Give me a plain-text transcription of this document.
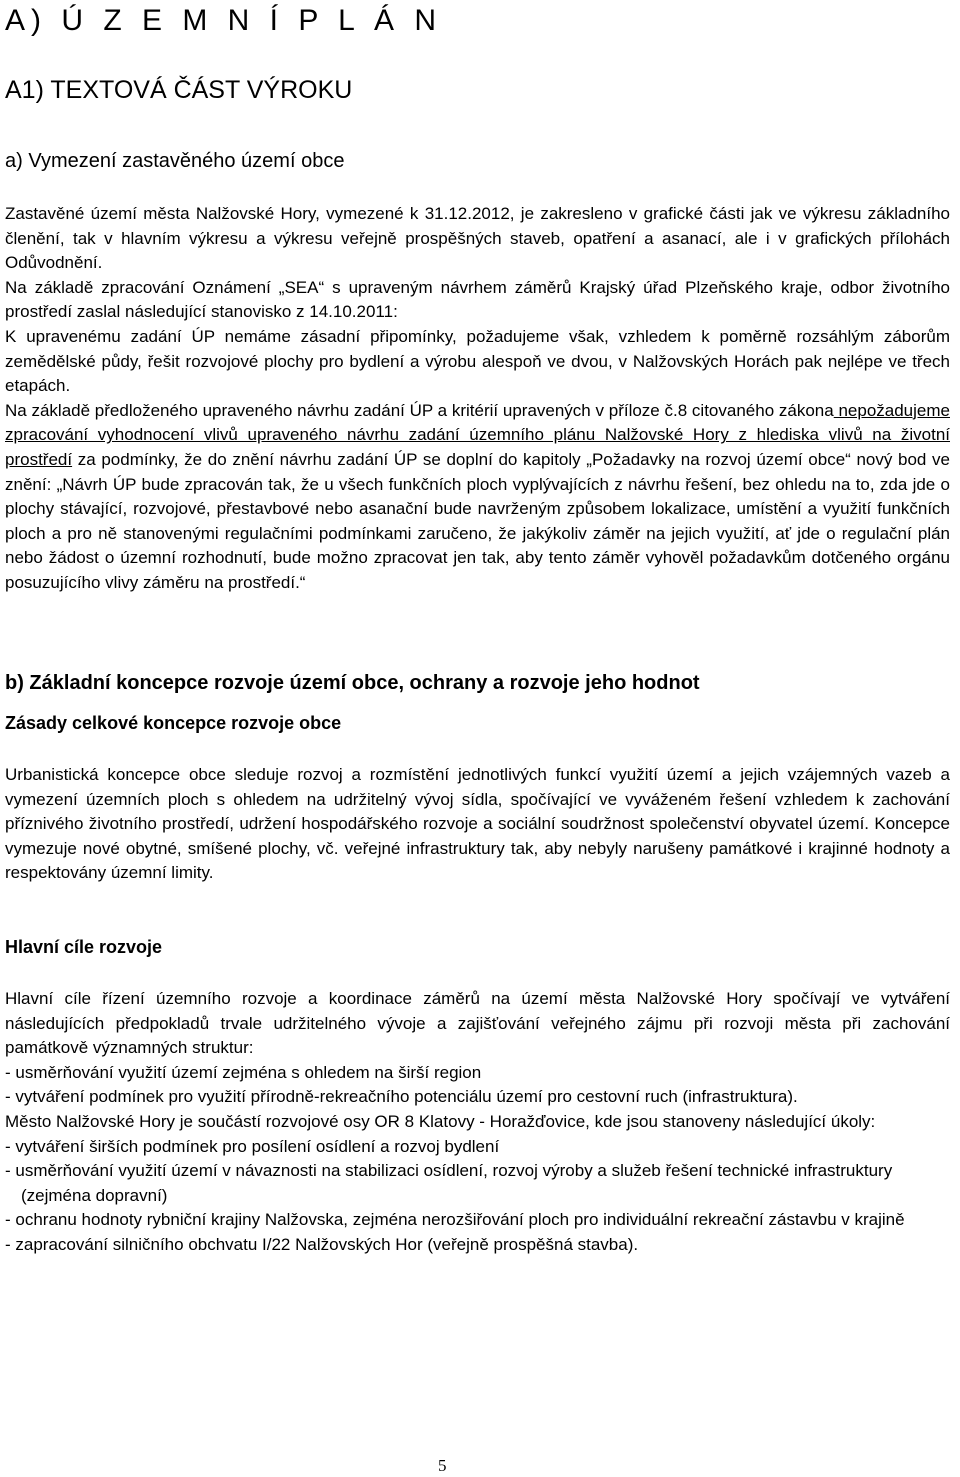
A) Ú Z E M N Í P L Á N
A1) TEXTOVÁ ČÁST VÝROKU
a) Vymezení zastavěného území obce

Zastavěné území města Nalžovské Hory, vymezené k 31.12.2012, je zakresleno v grafické části jak ve výkresu základního členění, tak v hlavním výkresu a výkresu veřejně prospěšných staveb, opatření a asanací, ale i v grafických přílohách Odůvodnění.

Na základě zpracování Oznámení „SEA“ s upraveným návrhem záměrů Krajský úřad Plzeňského kraje, odbor životního prostředí zaslal následující stanovisko z 14.10.2011:

K upravenému zadání ÚP nemáme zásadní připomínky, požadujeme však, vzhledem k poměrně rozsáhlým záborům zemědělské půdy, řešit rozvojové plochy pro bydlení a výrobu alespoň ve dvou, v Nalžovských Horách pak nejlépe ve třech etapách.

Na základě předloženého upraveného návrhu zadání ÚP a kritérií upravených v příloze č.8 citovaného zákona nepožadujeme zpracování vyhodnocení vlivů upraveného návrhu zadání územního plánu Nalžovské Hory z hlediska vlivů na životní prostředí za podmínky, že do znění návrhu zadání ÚP se doplní do kapitoly „Požadavky na rozvoj území obce“ nový bod ve znění: „Návrh ÚP bude zpracován tak, že u všech funkčních ploch vyplývajících z návrhu řešení, bez ohledu na to, zda jde o plochy stávající, rozvojové, přestavbové nebo asanační bude navrženým způsobem lokalizace, umístění a využití funkčních ploch a pro ně stanovenými regulačními podmínkami zaručeno, že jakýkoliv záměr na jejich využití, ať jde o regulační plán nebo žádost o územní rozhodnutí, bude možno zpracovat jen tak, aby tento záměr vyhověl požadavkům dotčeného orgánu posuzujícího vlivy záměru na prostředí.“

b) Základní koncepce rozvoje území obce, ochrany a rozvoje jeho hodnot
Zásady celkové koncepce rozvoje obce
Urbanistická koncepce obce sleduje rozvoj a rozmístění jednotlivých funkcí využití území a jejich vzájemných vazeb a vymezení územních ploch s ohledem na udržitelný vývoj sídla, spočívající ve vyváženém řešení vzhledem k zachování příznivého životního prostředí, udržení hospodářského rozvoje a sociální soudržnost společenství obyvatel území. Koncepce vymezuje nové obytné, smíšené plochy, vč. veřejné infrastruktury tak, aby nebyly narušeny památkové i krajinné hodnoty a respektovány územní limity.
Hlavní cíle rozvoje

Hlavní cíle řízení územního rozvoje a koordinace záměrů na území města Nalžovské Hory spočívají ve vytváření následujících předpokladů trvale udržitelného vývoje a zajišťování veřejného zájmu při rozvoji města při zachování památkově významných struktur:

- usměrňování využití území zejména s ohledem na širší region

- vytváření podmínek pro využití přírodně-rekreačního potenciálu území pro cestovní ruch (infrastruktura).

Město Nalžovské Hory je součástí rozvojové osy OR 8 Klatovy - Horažďovice, kde jsou stanoveny následující úkoly:

- vytváření širších podmínek pro posílení osídlení a rozvoj bydlení

- usměrňování využití území v návaznosti na stabilizaci osídlení, rozvoj výroby a služeb řešení technické infrastruktury (zejména dopravní)

- ochranu hodnoty rybniční krajiny Nalžovska, zejména nerozšiřování ploch pro individuální rekreační zástavbu v krajině

- zapracování silničního obchvatu I/22 Nalžovských Hor (veřejně prospěšná stavba).

5
